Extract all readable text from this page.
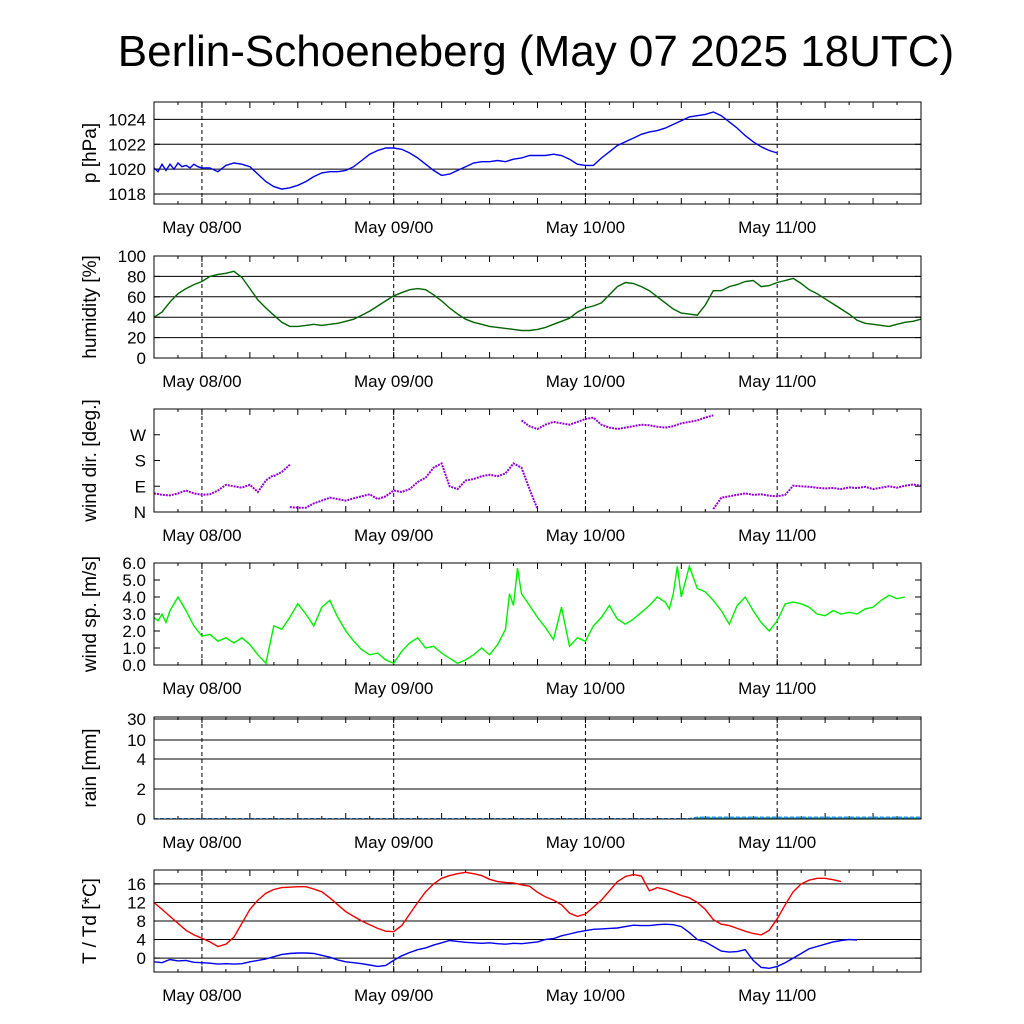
Berlin-Schoeneberg (May 07 2025 18UTC)
1018
1020
1022
1024
p [hPa]
May 08/00	May 09/00	May 10/00	May 11/00
0
20
40
60
80
100
humidity [%]
May 08/00	May 09/00	May 10/00	May 11/00
N
E
S
W
wind dir. [deg.]
May 08/00	May 09/00	May 10/00	May 11/00
0.0
1.0
2.0
3.0
4.0
5.0
6.0
wind sp. [m/s]
May 08/00	May 09/00	May 10/00	May 11/00
0
2
4
10
30
rain [mm]
May 08/00	May 09/00	May 10/00	May 11/00
0
4
8
12
16
T / Td [*C]
May 08/00	May 09/00	May 10/00	May 11/00
